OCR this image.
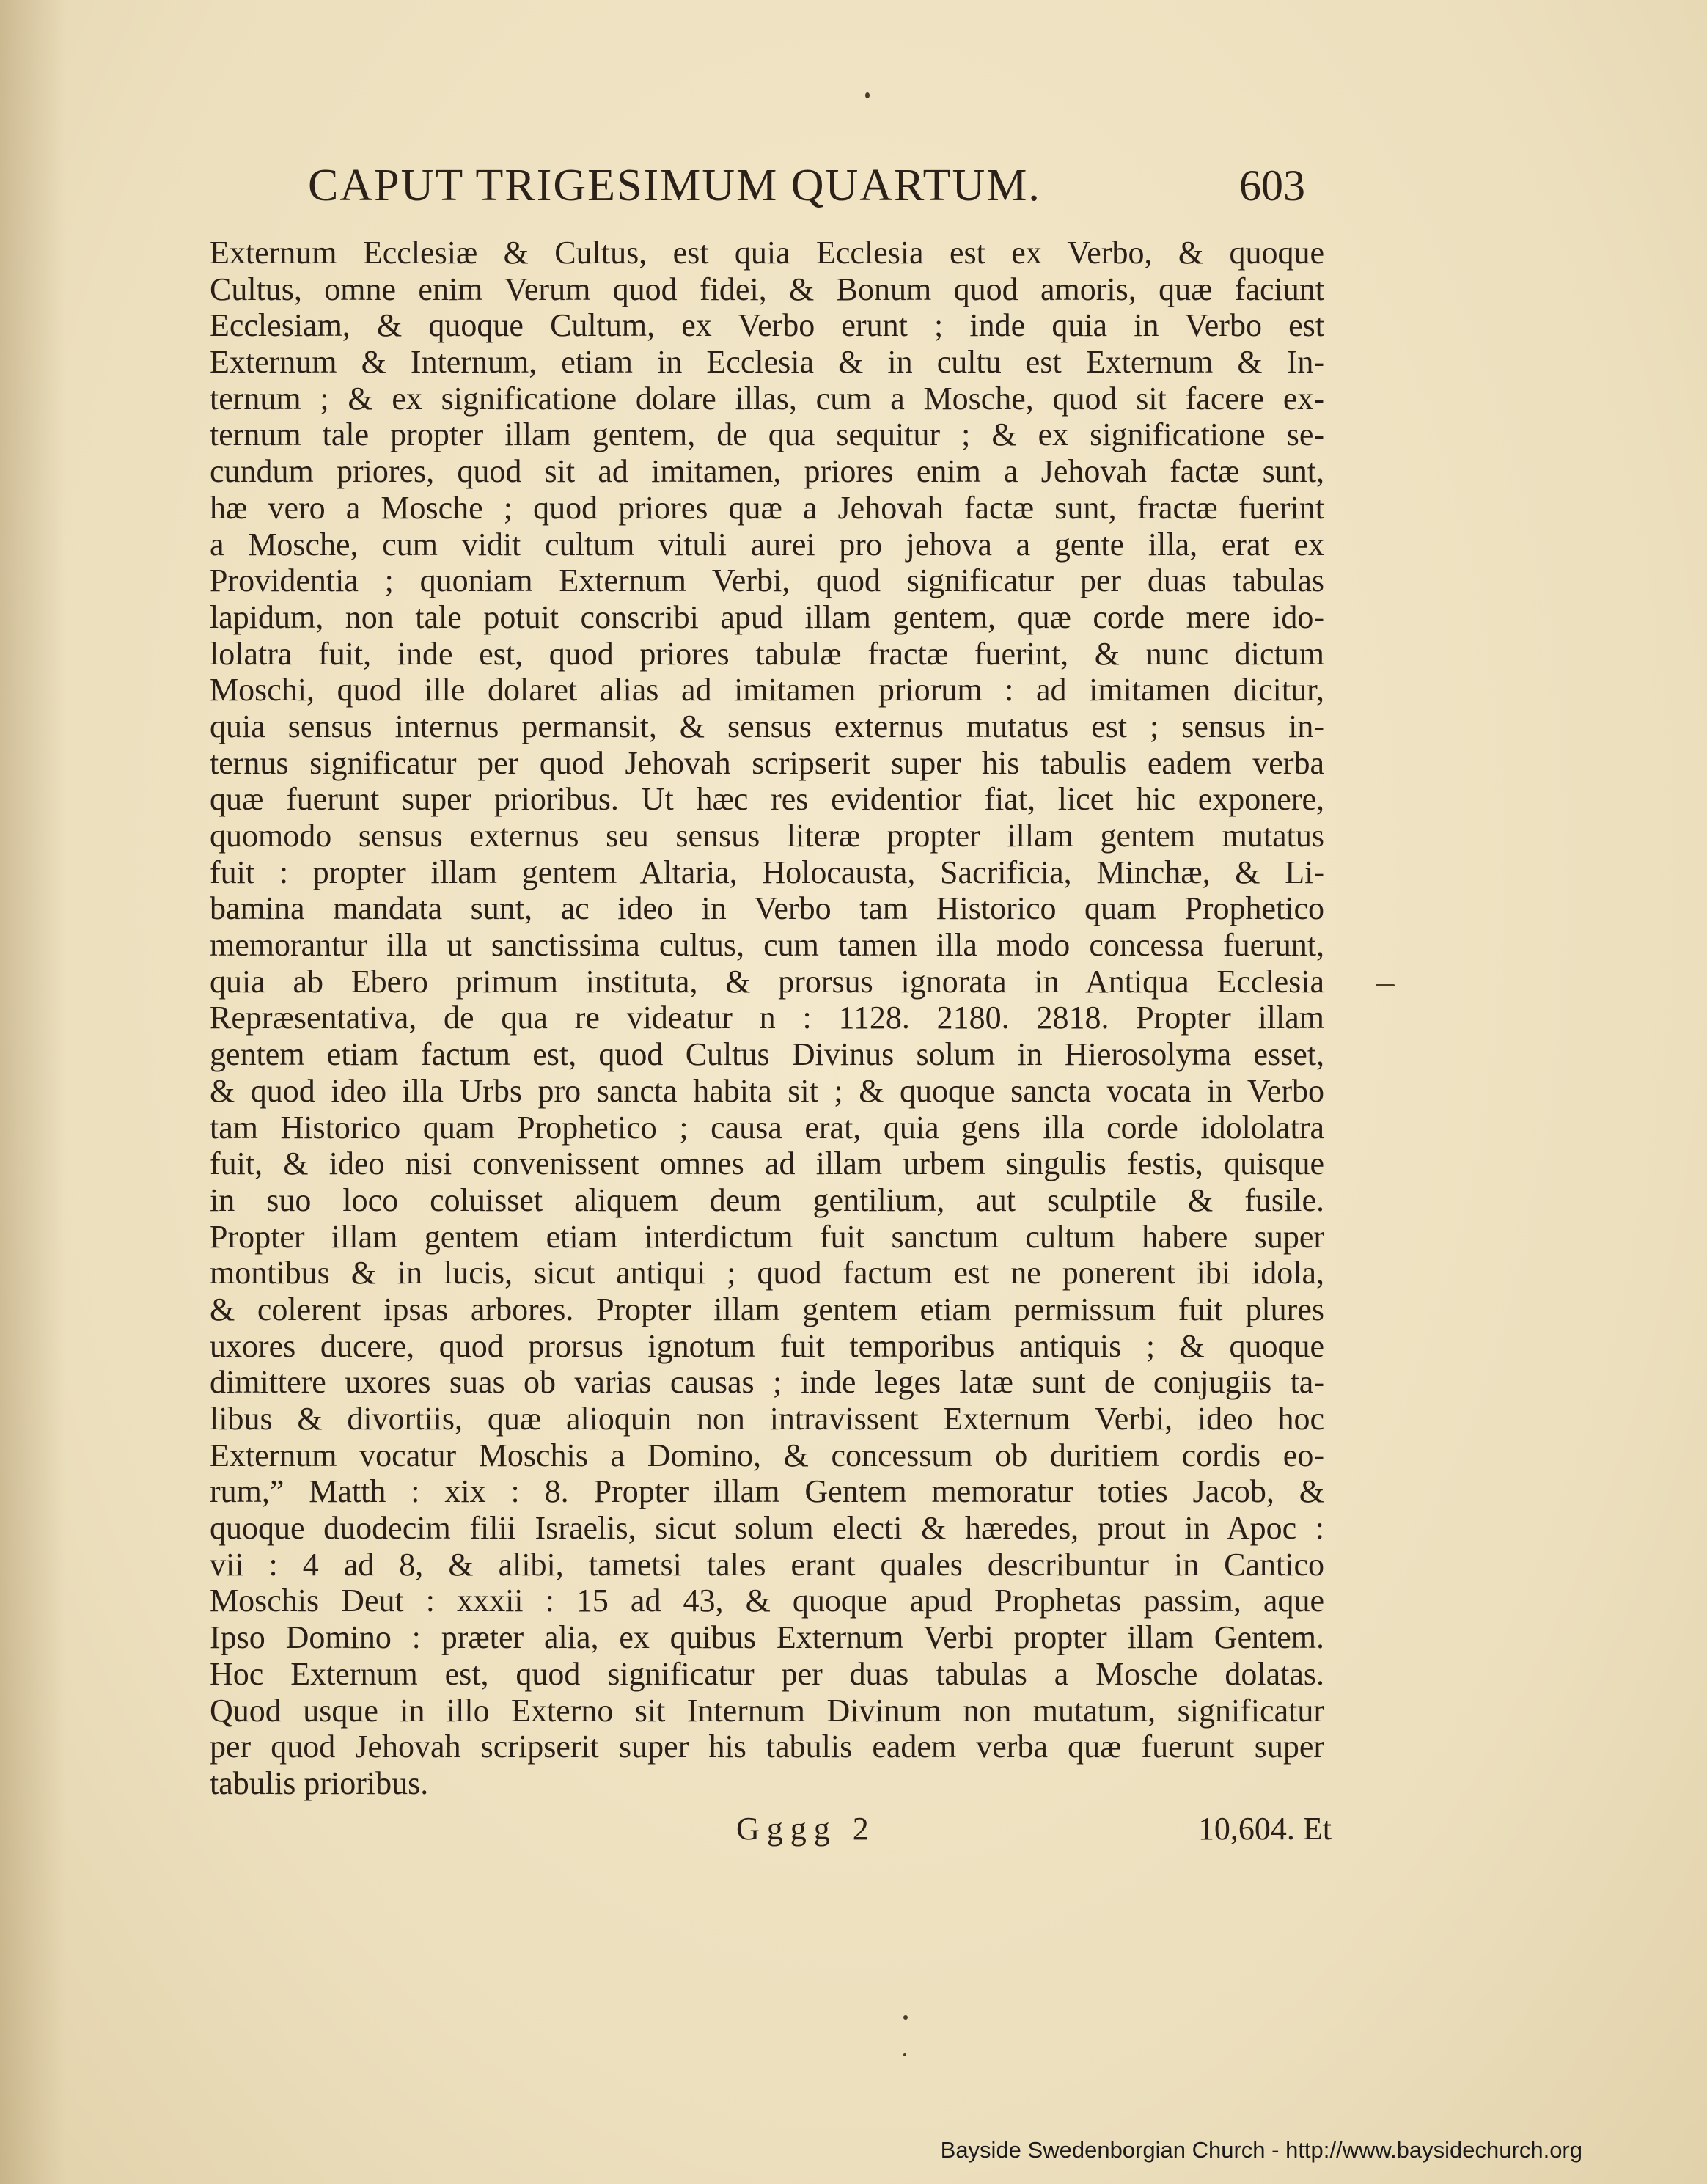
CAPUT TRIGESIMUM QUARTUM.	603
Externum Ecclesiæ & Cultus, est quia Ecclesia est ex Verbo, & quoque
Cultus, omne enim Verum quod fidei, & Bonum quod amoris, quæ faciunt
Ecclesiam, & quoque Cultum, ex Verbo erunt ; inde quia in Verbo est
Externum & Internum, etiam in Ecclesia & in cultu est Externum & In-
ternum ; & ex significatione dolare illas, cum a Mosche, quod sit facere ex-
ternum tale propter illam gentem, de qua sequitur ; & ex significatione se-
cundum priores, quod sit ad imitamen, priores enim a Jehovah factæ sunt,
hæ vero a Mosche ; quod priores quæ a Jehovah factæ sunt, fractæ fuerint
a Mosche, cum vidit cultum vituli aurei pro jehova a gente illa, erat ex
Providentia ; quoniam Externum Verbi, quod significatur per duas tabulas
lapidum, non tale potuit conscribi apud illam gentem, quæ corde mere ido-
lolatra fuit, inde est, quod priores tabulæ fractæ fuerint, & nunc dictum
Moschi, quod ille dolaret alias ad imitamen priorum : ad imitamen dicitur,
quia sensus internus permansit, & sensus externus mutatus est ; sensus in-
ternus significatur per quod Jehovah scripserit super his tabulis eadem verba
quæ fuerunt super prioribus. Ut hæc res evidentior fiat, licet hic exponere,
quomodo sensus externus seu sensus literæ propter illam gentem mutatus
fuit : propter illam gentem Altaria, Holocausta, Sacrificia, Minchæ, & Li-
bamina mandata sunt, ac ideo in Verbo tam Historico quam Prophetico
memorantur illa ut sanctissima cultus, cum tamen illa modo concessa fuerunt,
quia ab Ebero primum instituta, & prorsus ignorata in Antiqua Ecclesia
Repræsentativa, de qua re videatur n : 1128. 2180. 2818. Propter illam
gentem etiam factum est, quod Cultus Divinus solum in Hierosolyma esset,
& quod ideo illa Urbs pro sancta habita sit ; & quoque sancta vocata in Verbo
tam Historico quam Prophetico ; causa erat, quia gens illa corde idololatra
fuit, & ideo nisi convenissent omnes ad illam urbem singulis festis, quisque
in suo loco coluisset aliquem deum gentilium, aut sculptile & fusile.
Propter illam gentem etiam interdictum fuit sanctum cultum habere super
montibus & in lucis, sicut antiqui ; quod factum est ne ponerent ibi idola,
& colerent ipsas arbores. Propter illam gentem etiam permissum fuit plures
uxores ducere, quod prorsus ignotum fuit temporibus antiquis ; & quoque
dimittere uxores suas ob varias causas ; inde leges latæ sunt de conjugiis ta-
libus & divortiis, quæ alioquin non intravissent Externum Verbi, ideo hoc
Externum vocatur Moschis a Domino, & concessum ob duritiem cordis eo-
rum,” Matth : xix : 8. Propter illam Gentem memoratur toties Jacob, &
quoque duodecim filii Israelis, sicut solum electi & hæredes, prout in Apoc :
vii : 4 ad 8, & alibi, tametsi tales erant quales describuntur in Cantico
Moschis Deut : xxxii : 15 ad 43, & quoque apud Prophetas passim, aque
Ipso Domino : præter alia, ex quibus Externum Verbi propter illam Gentem.
Hoc Externum est, quod significatur per duas tabulas a Mosche dolatas.
Quod usque in illo Externo sit Internum Divinum non mutatum, significatur
per quod Jehovah scripserit super his tabulis eadem verba quæ fuerunt super
tabulis prioribus.
Gggg 2	10,604. Et
Bayside Swedenborgian Church - http://www.baysidechurch.org
